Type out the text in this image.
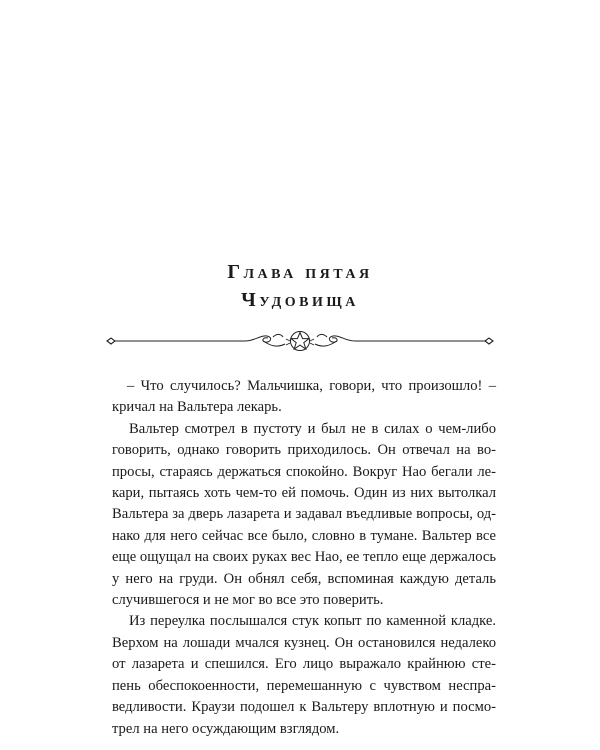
Глава пятая
Чудовища

– Что случилось? Мальчишка, говори, что произошло! – кричал на Вальтера лекарь.

Вальтер смотрел в пустоту и был не в силах о чем-либо говорить, однако говорить приходилось. Он отвечал на вопросы, стараясь держаться спокойно. Вокруг Нао бегали лекари, пытаясь хоть чем-то ей помочь. Один из них вытолкал Вальтера за дверь лазарета и задавал въедливые вопросы, однако для него сейчас все было, словно в тумане. Вальтер все еще ощущал на своих руках вес Нао, ее тепло еще держалось у него на груди. Он обнял себя, вспоминая каждую деталь случившегося и не мог во все это поверить.

Из переулка послышался стук копыт по каменной кладке. Верхом на лошади мчался кузнец. Он остановился недалеко от лазарета и спешился. Его лицо выражало крайнюю степень обеспокоенности, перемешанную с чувством несправедливости. Краузи подошел к Вальтеру вплотную и посмотрел на него осуждающим взглядом.
